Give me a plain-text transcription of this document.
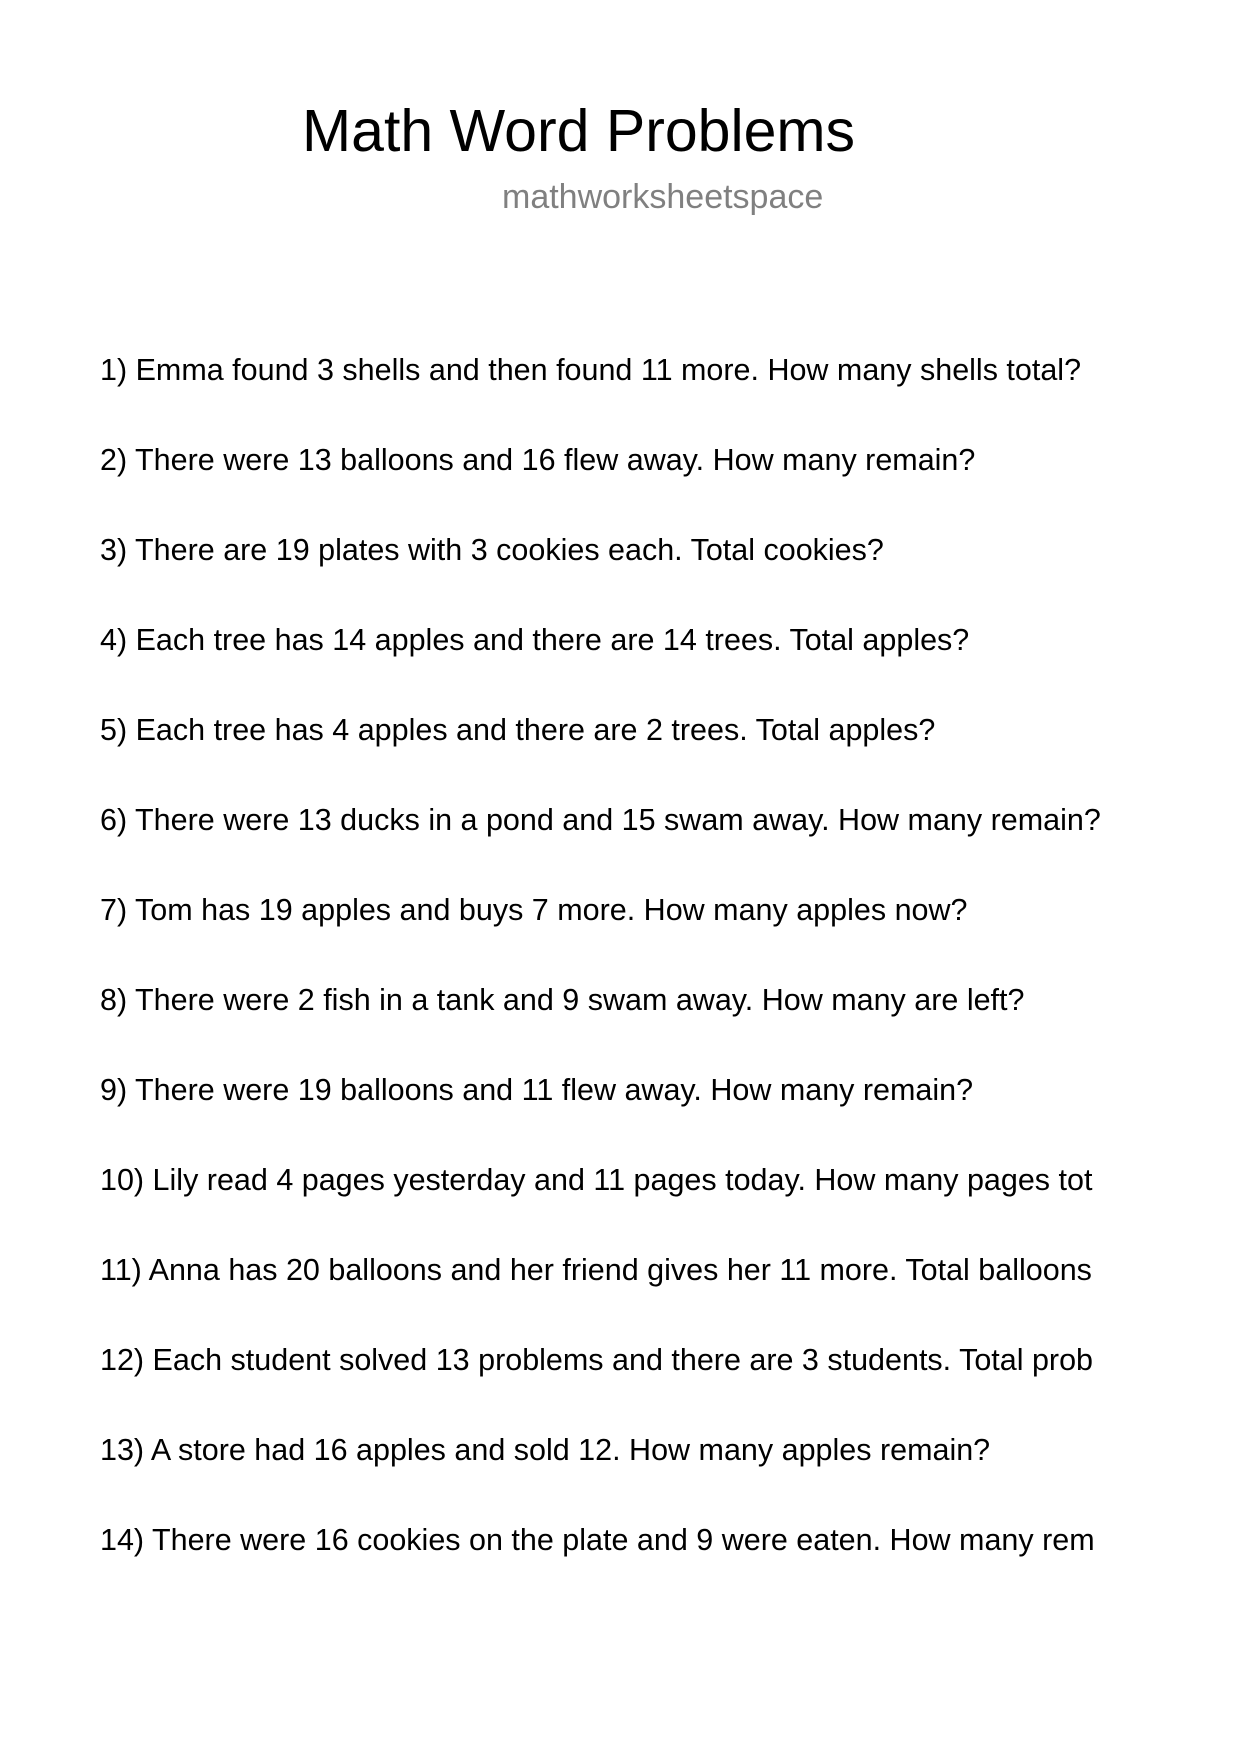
Math Word Problems
mathworksheetspace
1) Emma found 3 shells and then found 11 more. How many shells total?
2) There were 13 balloons and 16 flew away. How many remain?
3) There are 19 plates with 3 cookies each. Total cookies?
4) Each tree has 14 apples and there are 14 trees. Total apples?
5) Each tree has 4 apples and there are 2 trees. Total apples?
6) There were 13 ducks in a pond and 15 swam away. How many remain?
7) Tom has 19 apples and buys 7 more. How many apples now?
8) There were 2 fish in a tank and 9 swam away. How many are left?
9) There were 19 balloons and 11 flew away. How many remain?
10) Lily read 4 pages yesterday and 11 pages today. How many pages tot
11) Anna has 20 balloons and her friend gives her 11 more. Total balloons
12) Each student solved 13 problems and there are 3 students. Total prob
13) A store had 16 apples and sold 12. How many apples remain?
14) There were 16 cookies on the plate and 9 were eaten. How many rem
